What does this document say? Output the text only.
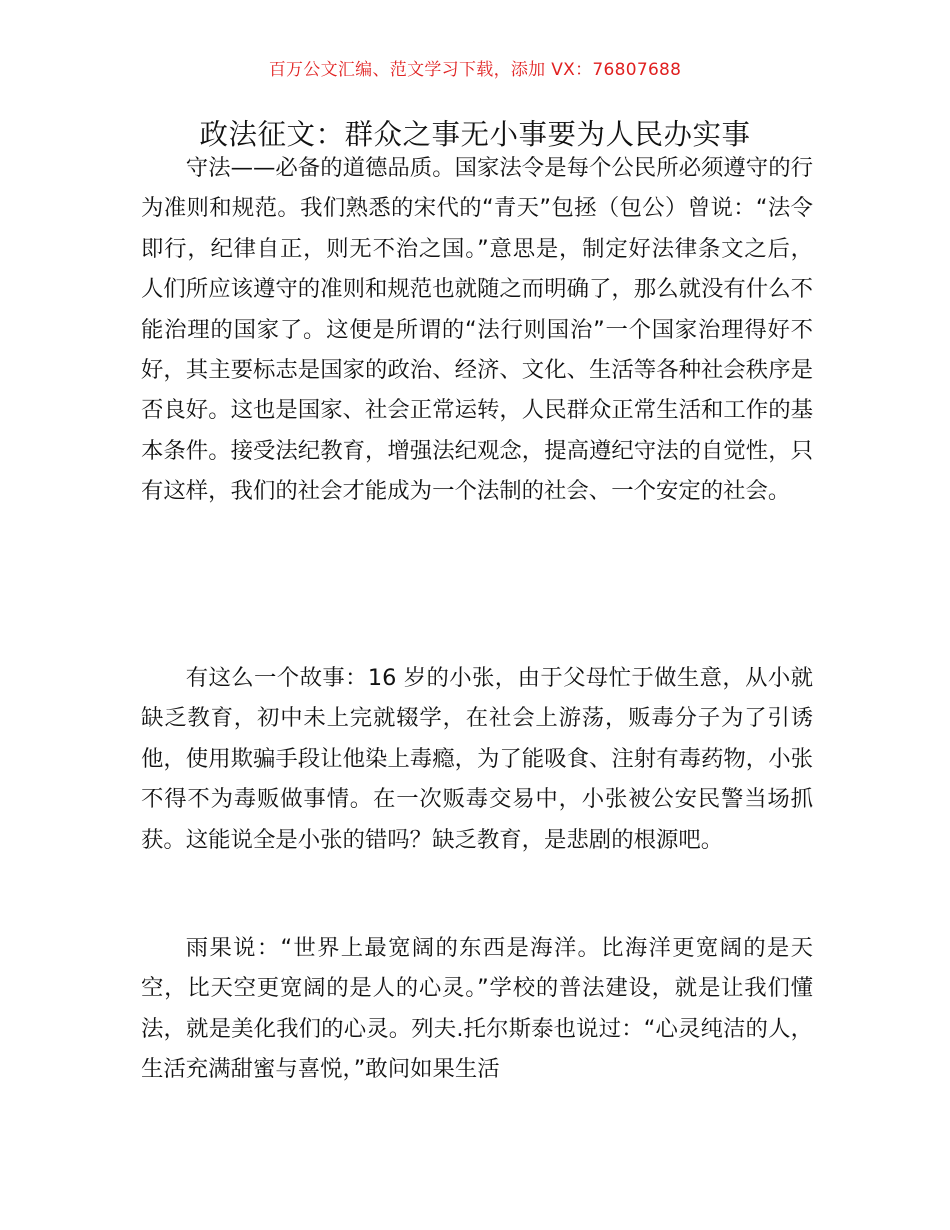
百万公文汇编、范文学习下载，添加 VX：76807688
政法征文：群众之事无小事要为人民办实事

守法——必备的道德品质。国家法令是每个公民所必须遵守的行为准则和规范。我们熟悉的宋代的“青天”包拯（包公）曾说：“法令即行，纪律自正，则无不治之国。”意思是，制定好法律条文之后，人们所应该遵守的准则和规范也就随之而明确了，那么就没有什么不能治理的国家了。这便是所谓的“法行则国治”一个国家治理得好不好，其主要标志是国家的政治、经济、文化、生活等各种社会秩序是否良好。这也是国家、社会正常运转，人民群众正常生活和工作的基本条件。接受法纪教育，增强法纪观念，提高遵纪守法的自觉性，只有这样，我们的社会才能成为一个法制的社会、一个安定的社会。

有这么一个故事：16 岁的小张，由于父母忙于做生意，从小就缺乏教育，初中未上完就辍学，在社会上游荡，贩毒分子为了引诱他，使用欺骗手段让他染上毒瘾，为了能吸食、注射有毒药物，小张不得不为毒贩做事情。在一次贩毒交易中，小张被公安民警当场抓获。这能说全是小张的错吗？缺乏教育，是悲剧的根源吧。

雨果说：“世界上最宽阔的东西是海洋。比海洋更宽阔的是天空，比天空更宽阔的是人的心灵。”学校的普法建设，就是让我们懂法，就是美化我们的心灵。列夫.托尔斯泰也说过：“心灵纯洁的人，生活充满甜蜜与喜悦，”敢问如果生活
